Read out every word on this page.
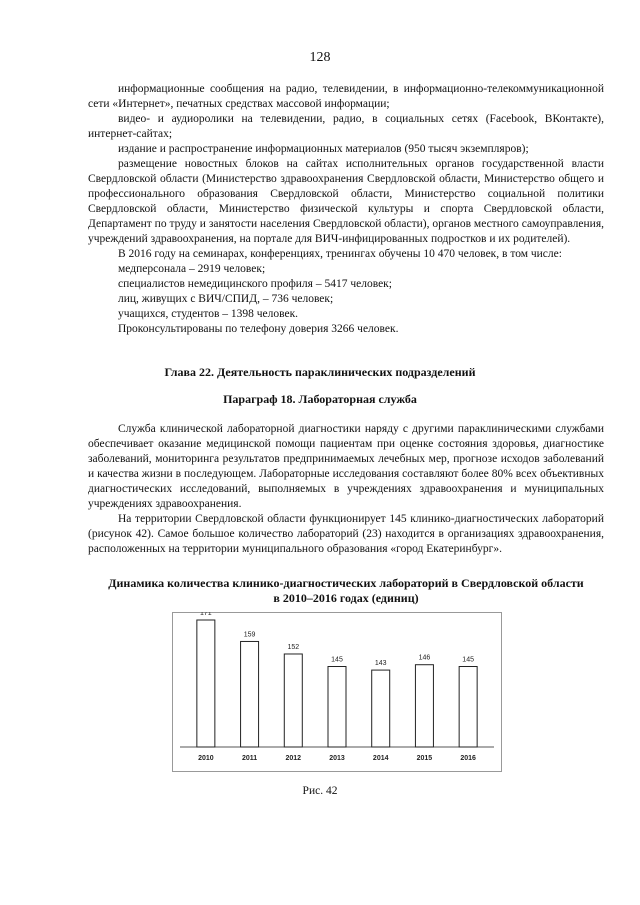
128

информационные сообщения на радио, телевидении, в информационно-телекоммуникационной сети «Интернет», печатных средствах массовой информации;

видео- и аудиоролики на телевидении, радио, в социальных сетях (Facebook, ВКонтакте), интернет-сайтах;

издание и распространение информационных материалов (950 тысяч экземпляров);

размещение новостных блоков на сайтах исполнительных органов государственной власти Свердловской области (Министерство здравоохранения Свердловской области, Министерство общего и профессионального образования Свердловской области, Министерство социальной политики Свердловской области, Министерство физической культуры и спорта Свердловской области, Департамент по труду и занятости населения Свердловской области), органов местного самоуправления, учреждений здравоохранения, на портале для ВИЧ-инфицированных подростков и их родителей).

В 2016 году на семинарах, конференциях, тренингах обучены 10 470 человек, в том числе:

медперсонала – 2919 человек;

специалистов немедицинского профиля – 5417 человек;

лиц, живущих с ВИЧ/СПИД, – 736 человек;

учащихся, студентов – 1398 человек.

Проконсультированы по телефону доверия 3266 человек.

Глава 22. Деятельность параклинических подразделений
Параграф 18. Лабораторная служба

Служба клинической лабораторной диагностики наряду с другими параклиническими службами обеспечивает оказание медицинской помощи пациентам при оценке состояния здоровья, диагностике заболеваний, мониторинга результатов предпринимаемых лечебных мер, прогнозе исходов заболеваний и качества жизни в последующем. Лабораторные исследования составляют более 80% всех объективных диагностических исследований, выполняемых в учреждениях здравоохранения и муниципальных учреждениях здравоохранения.

На территории Свердловской области функционирует 145 клинико-диагностических лабораторий (рисунок 42). Самое большое количество лабораторий (23) находится в организациях здравоохранения, расположенных на территории муниципального образования «город Екатеринбург».

Динамика количества клинико-диагностических лабораторий в Свердловской области
в 2010–2016 годах (единиц)
171
2010
159
2011
152
2012
145
2013
143
2014
146
2015
145
2016
Рис. 42
